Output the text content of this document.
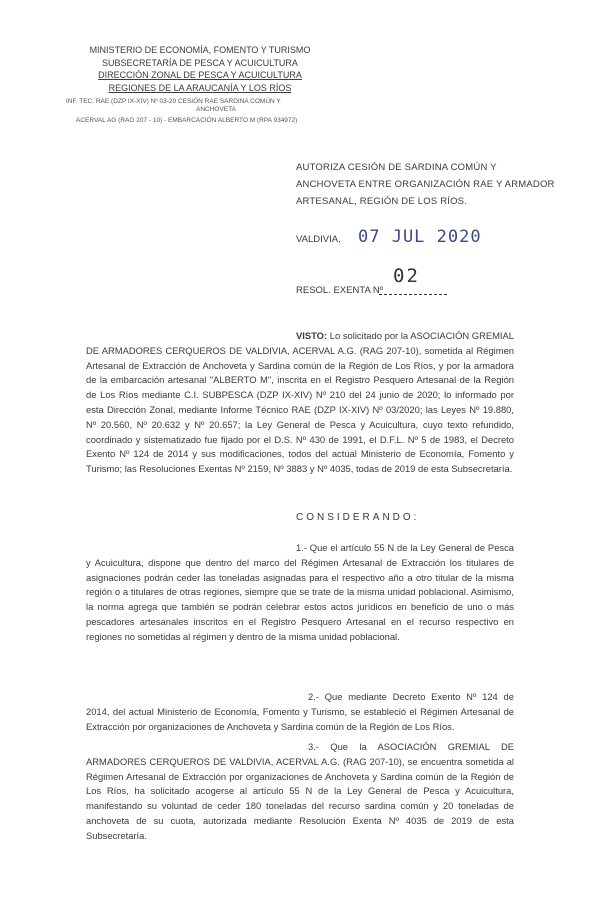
MINISTERIO DE ECONOMÍA, FOMENTO Y TURISMO
SUBSECRETARÍA DE PESCA Y ACUICULTURA
DIRECCIÓN ZONAL DE PESCA Y ACUICULTURA
REGIONES DE LA ARAUCANÍA Y LOS RÍOS
INF. TEC. RAE (DZP IX-XIV) Nº 03-20 CESIÓN RAE SARDINA COMÚN Y
ANCHOVETA
ACERVAL AG (RAG 207 - 10) - EMBARCACIÓN ALBERTO M (RPA 934972)
AUTORIZA CESIÓN DE SARDINA COMÚN Y ANCHOVETA ENTRE ORGANIZACIÓN RAE Y ARMADOR ARTESANAL, REGIÓN DE LOS RÍOS.
VALDIVIA, 07 JUL 2020
RESOL. EXENTA Nº
02
VISTO: Lo solicitado por la ASOCIACIÓN GREMIAL DE ARMADORES CERQUEROS DE VALDIVIA, ACERVAL A.G. (RAG 207-10), sometida al Régimen Artesanal de Extracción de Anchoveta y Sardina común de la Región de Los Ríos, y por la armadora de la embarcación artesanal "ALBERTO M", inscrita en el Registro Pesquero Artesanal de la Región de Los Ríos mediante C.I. SUBPESCA (DZP IX-XIV) Nº 210 del 24 junio de 2020; lo informado por esta Dirección Zonal, mediante Informe Técnico RAE (DZP IX-XIV) Nº 03/2020; las Leyes Nº 19.880, Nº 20.560, Nº 20.632 y Nº 20.657; la Ley General de Pesca y Acuicultura, cuyo texto refundido, coordinado y sistematizado fue fijado por el D.S. Nº 430 de 1991, el D.F.L. Nº 5 de 1983, el Decreto Exento Nº 124 de 2014 y sus modificaciones, todos del actual Ministerio de Economía, Fomento y Turismo; las Resoluciones Exentas Nº 2159, Nº 3883 y Nº 4035, todas de 2019 de esta Subsecretaría.
CONSIDERANDO:
1.- Que el artículo 55 N de la Ley General de Pesca y Acuicultura, dispone que dentro del marco del Régimen Artesanal de Extracción los titulares de asignaciones podrán ceder las toneladas asignadas para el respectivo año a otro titular de la misma región o a titulares de otras regiones, siempre que se trate de la misma unidad poblacional. Asimismo, la norma agrega que también se podrán celebrar estos actos jurídicos en beneficio de uno o más pescadores artesanales inscritos en el Registro Pesquero Artesanal en el recurso respectivo en regiones no sometidas al régimen y dentro de la misma unidad poblacional.
2.- Que mediante Decreto Exento Nº 124 de 2014, del actual Ministerio de Economía, Fomento y Turismo, se estableció el Régimen Artesanal de Extracción por organizaciones de Anchoveta y Sardina común de la Región de Los Ríos.
3.- Que la ASOCIACIÓN GREMIAL DE ARMADORES CERQUEROS DE VALDIVIA, ACERVAL A.G. (RAG 207-10), se encuentra sometida al Régimen Artesanal de Extracción por organizaciones de Anchoveta y Sardina común de la Región de Los Ríos, ha solicitado acogerse al artículo 55 N de la Ley General de Pesca y Acuicultura, manifestando su voluntad de ceder 180 toneladas del recurso sardina común y 20 toneladas de anchoveta de su cuota, autorizada mediante Resolución Exenta Nº 4035 de 2019 de esta Subsecretaría.
